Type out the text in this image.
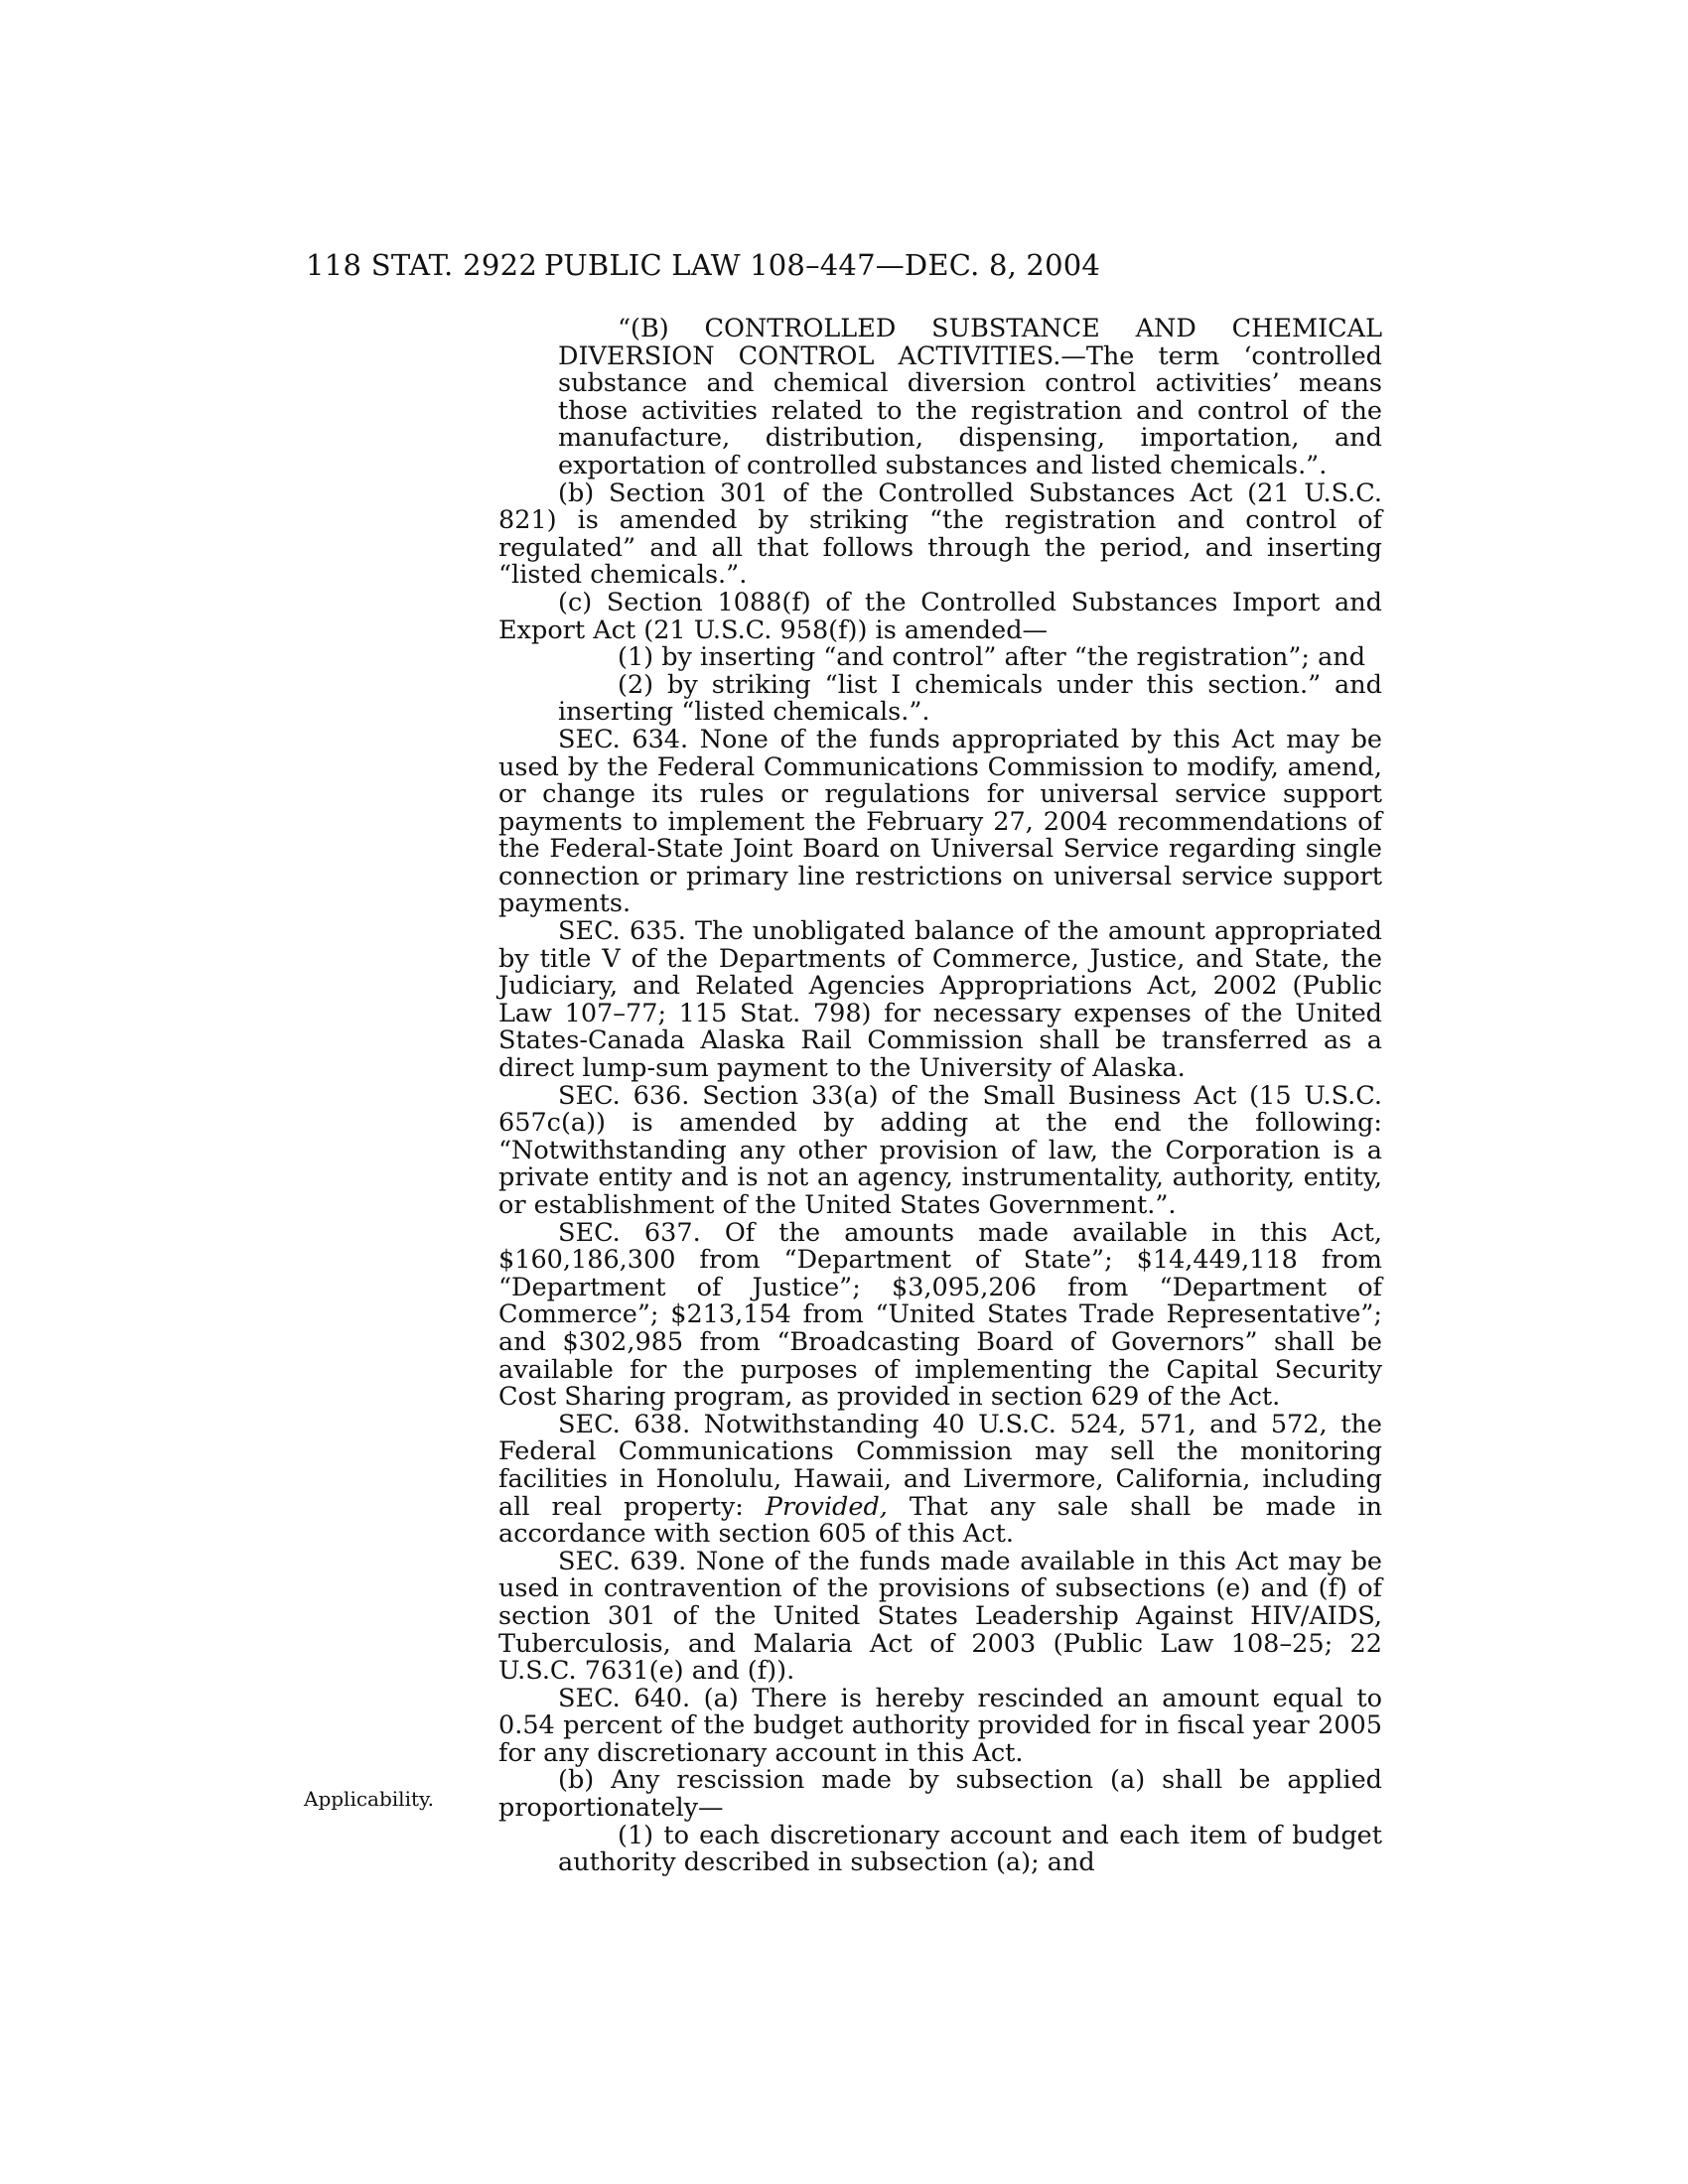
118 STAT. 2922 PUBLIC LAW 108–447—DEC. 8, 2004
Applicability.

“(B) CONTROLLED SUBSTANCE AND CHEMICAL DIVERSION CONTROL ACTIVITIES.—The term ‘controlled substance and chemical diversion control activities’ means those activities related to the registration and control of the manufacture, distribution, dispensing, importation, and exportation of controlled substances and listed chemicals.”.

(b) Section 301 of the Controlled Substances Act (21 U.S.C. 821) is amended by striking “the registration and control of regulated” and all that follows through the period, and inserting “listed chemicals.”.

(c) Section 1088(f) of the Controlled Substances Import and Export Act (21 U.S.C. 958(f)) is amended—

(1) by inserting “and control” after “the registration”; and

(2) by striking “list I chemicals under this section.” and inserting “listed chemicals.”.

SEC. 634. None of the funds appropriated by this Act may be used by the Federal Communications Commission to modify, amend, or change its rules or regulations for universal service support payments to implement the February 27, 2004 recommendations of the Federal-State Joint Board on Universal Service regarding single connection or primary line restrictions on universal service support payments.

SEC. 635. The unobligated balance of the amount appropriated by title V of the Departments of Commerce, Justice, and State, the Judiciary, and Related Agencies Appropriations Act, 2002 (Public Law 107–77; 115 Stat. 798) for necessary expenses of the United States-Canada Alaska Rail Commission shall be transferred as a direct lump-sum payment to the University of Alaska.

SEC. 636. Section 33(a) of the Small Business Act (15 U.S.C. 657c(a)) is amended by adding at the end the following: “Notwithstanding any other provision of law, the Corporation is a private entity and is not an agency, instrumentality, authority, entity, or establishment of the United States Government.”.

SEC. 637. Of the amounts made available in this Act, $160,186,300 from “Department of State”; $14,449,118 from “Department of Justice”; $3,095,206 from “Department of Commerce”; $213,154 from “United States Trade Representative”; and $302,985 from “Broadcasting Board of Governors” shall be available for the purposes of implementing the Capital Security Cost Sharing program, as provided in section 629 of the Act.

SEC. 638. Notwithstanding 40 U.S.C. 524, 571, and 572, the Federal Communications Commission may sell the monitoring facilities in Honolulu, Hawaii, and Livermore, California, including all real property: Provided, That any sale shall be made in accordance with section 605 of this Act.

SEC. 639. None of the funds made available in this Act may be used in contravention of the provisions of subsections (e) and (f) of section 301 of the United States Leadership Against HIV/AIDS, Tuberculosis, and Malaria Act of 2003 (Public Law 108–25; 22 U.S.C. 7631(e) and (f)).

SEC. 640. (a) There is hereby rescinded an amount equal to 0.54 percent of the budget authority provided for in fiscal year 2005 for any discretionary account in this Act.

(b) Any rescission made by subsection (a) shall be applied proportionately—

(1) to each discretionary account and each item of budget authority described in subsection (a); and
